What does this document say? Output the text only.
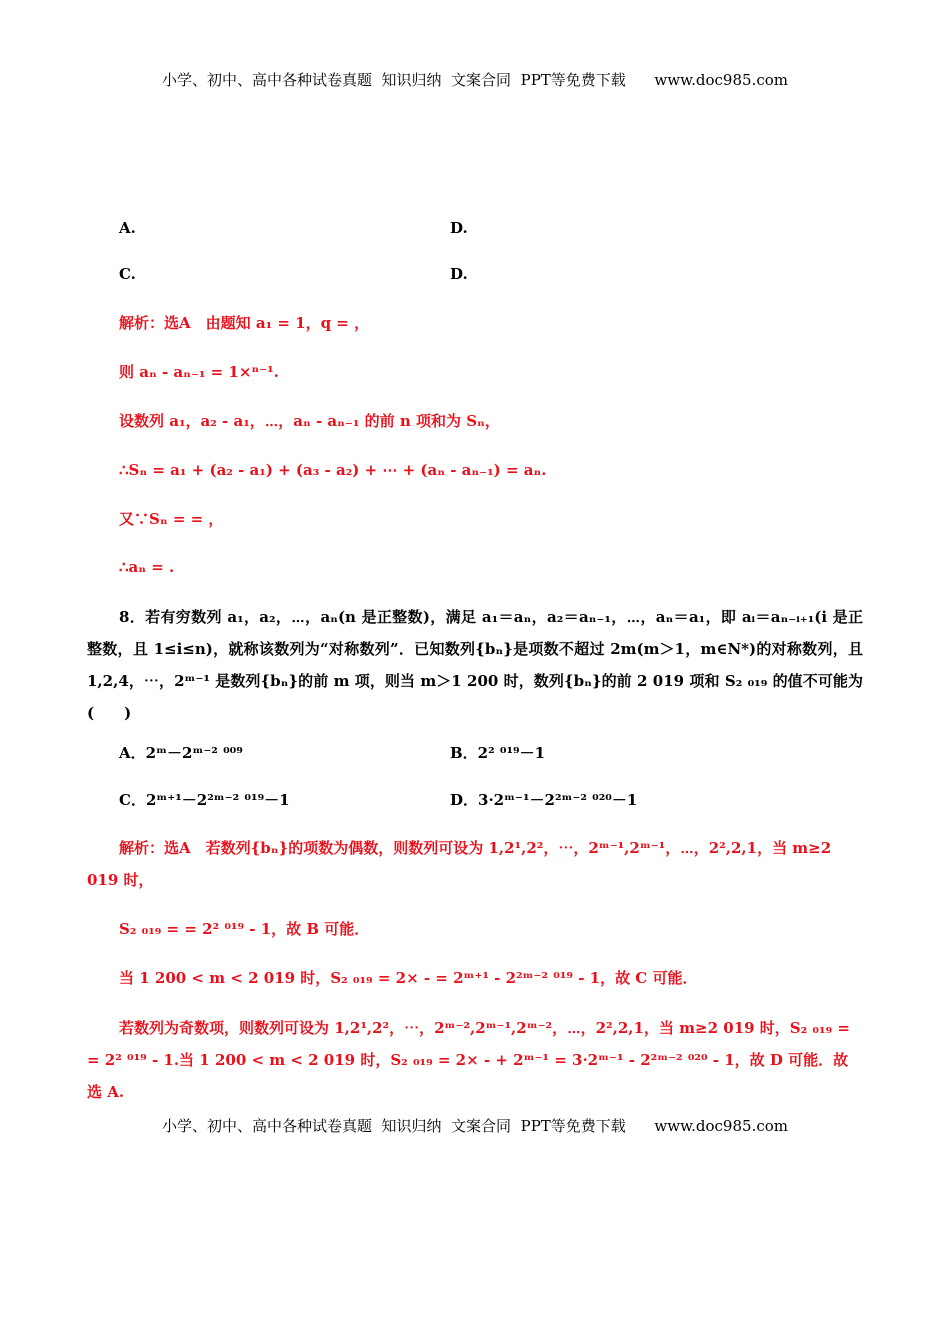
小学、初中、高中各种试卷真题  知识归纳  文案合同  PPT等免费下载      www.doc985.com
A.	D.
C.	D.
解析：选A　由题知 a₁ = 1，q = ，
则 aₙ - aₙ₋₁ = 1×ⁿ⁻¹.
设数列 a₁，a₂ - a₁，⋯，aₙ - aₙ₋₁ 的前 n 项和为 Sₙ，
∴Sₙ = a₁ + (a₂ - a₁) + (a₃ - a₂) + ⋯ + (aₙ - aₙ₋₁) = aₙ.
又∵Sₙ = = ，
∴aₙ = .
8．若有穷数列 a₁，a₂，⋯，aₙ(n 是正整数)，满足 a₁＝aₙ，a₂＝aₙ₋₁，⋯，aₙ＝a₁，即 aᵢ＝aₙ₋ᵢ₊₁(i 是正整数，且 1≤i≤n)，就称该数列为“对称数列”．已知数列{bₙ}是项数不超过 2m(m＞1，m∈N*)的对称数列，且 1,2,4，⋯，2ᵐ⁻¹ 是数列{bₙ}的前 m 项，则当 m＞1 200 时，数列{bₙ}的前 2 019 项和 S₂ ₀₁₉ 的值不可能为(　　)
A．2ᵐ－2ᵐ⁻² ⁰⁰⁹	B．2² ⁰¹⁹－1
C．2ᵐ⁺¹－2²ᵐ⁻² ⁰¹⁹－1	D．3·2ᵐ⁻¹－2²ᵐ⁻² ⁰²⁰－1
解析：选A　若数列{bₙ}的项数为偶数，则数列可设为 1,2¹,2²，⋯，2ᵐ⁻¹,2ᵐ⁻¹，⋯，2²,2,1，当 m≥2 019 时，
S₂ ₀₁₉ = = 2² ⁰¹⁹ - 1，故 B 可能．
当 1 200 < m < 2 019 时，S₂ ₀₁₉ = 2× - = 2ᵐ⁺¹ - 2²ᵐ⁻² ⁰¹⁹ - 1，故 C 可能．
若数列为奇数项，则数列可设为 1,2¹,2²，⋯，2ᵐ⁻²,2ᵐ⁻¹,2ᵐ⁻²，⋯，2²,2,1，当 m≥2 019 时，S₂ ₀₁₉ = = 2² ⁰¹⁹ - 1.当 1 200 < m < 2 019 时，S₂ ₀₁₉ = 2× - + 2ᵐ⁻¹ = 3·2ᵐ⁻¹ - 2²ᵐ⁻² ⁰²⁰ - 1，故 D 可能．故选 A.
小学、初中、高中各种试卷真题  知识归纳  文案合同  PPT等免费下载      www.doc985.com
